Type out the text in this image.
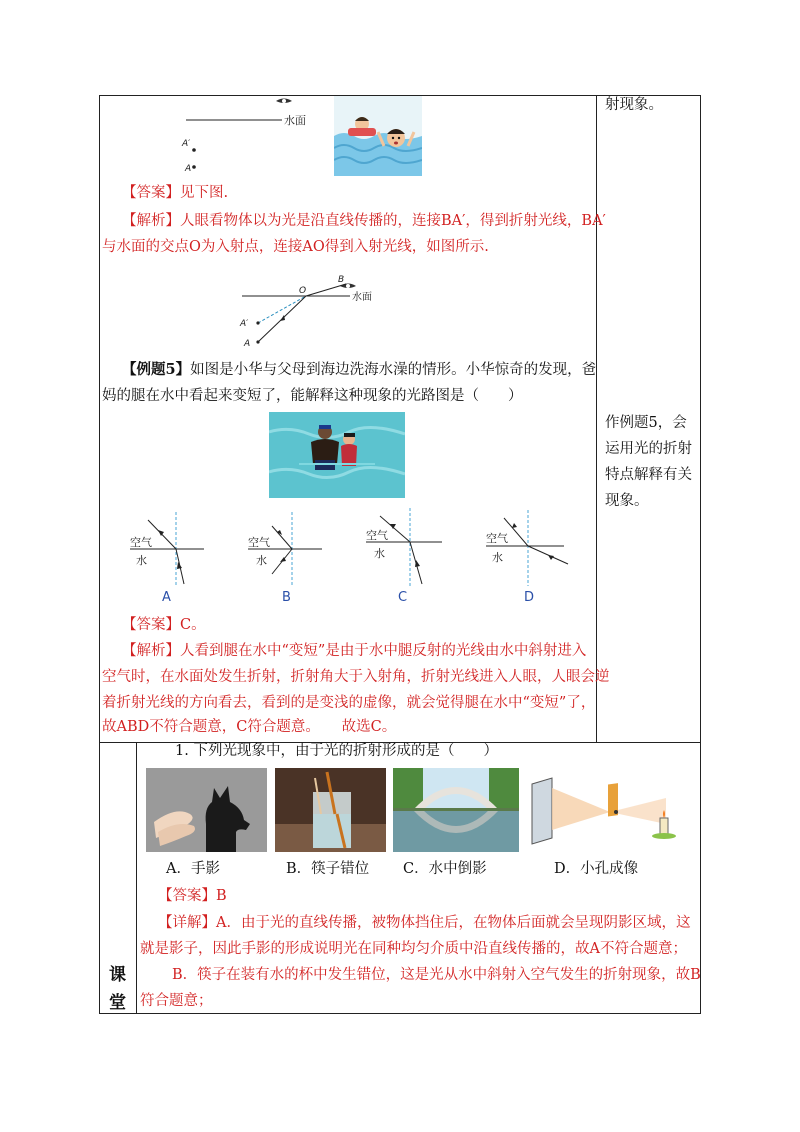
射现象。
作例题5，会
运用光的折射
特点解释有关
现象。
水面
A′
A
【答案】见下图.
【解析】人眼看物体以为光是沿直线传播的，连接BA′，得到折射光线，BA′
与水面的交点O为入射点，连接AO得到入射光线，如图所示.
B
水面
O
A′
A
【例题5】如图是小华与父母到海边洗海水澡的情形。小华惊奇的发现，爸
妈的腿在水中看起来变短了，能解释这种现象的光路图是（　　）
空气
水
A
空气
水
B
空气
水
C
空气
水
D
【答案】C。
【解析】人看到腿在水中“变短”是由于水中腿反射的光线由水中斜射进入
空气时，在水面处发生折射，折射角大于入射角，折射光线进入人眼，人眼会逆
着折射光线的方向看去，看到的是变浅的虚像，就会觉得腿在水中“变短”了，
故ABD不符合题意，C符合题意。　　故选C。
课
堂
1. 下列光现象中，由于光的折射形成的是（　　）
A．手影	B．筷子错位 C．水中倒影	D．小孔成像
【答案】B
【详解】A．由于光的直线传播，被物体挡住后，在物体后面就会呈现阴影区域，这
就是影子，因此手影的形成说明光在同种均匀介质中沿直线传播的，故A不符合题意；
B．筷子在装有水的杯中发生错位，这是光从水中斜射入空气发生的折射现象，故B
符合题意；
